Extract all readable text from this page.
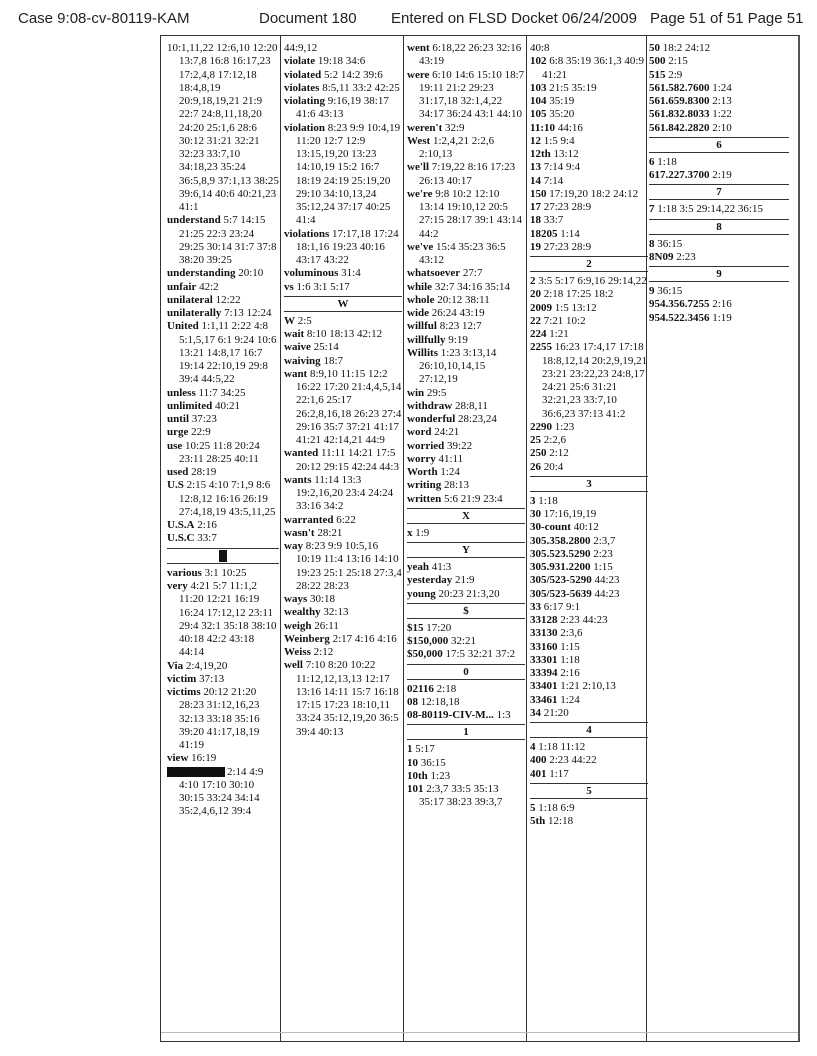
Case 9:08-cv-80119-KAM	Document 180 Entered on FLSD Docket 06/24/2009 Page 51 of 51 Page 51
10:1,11,22 12:6,10 12:20 13:7,8 16:8 16:17,23 17:2,4,8 17:12,18 18:4,8,19 20:9,18,19,21 21:9 22:7 24:8,11,18,20 24:20 25:1,6 28:6 30:12 31:21 32:21 32:23 33:7,10 34:18,23 35:24 36:5,8,9 37:1,13 38:25 39:6,14 40:6 40:21,23 41:1
understand 5:7 14:15 21:25 22:3 23:24 29:25 30:14 31:7 37:8 38:20 39:25
understanding 20:10
unfair 42:2
unilateral 12:22
unilaterally 7:13 12:24
United 1:1,11 2:22 4:8 5:1,5,17 6:1 9:24 10:6 13:21 14:8,17 16:7 19:14 22:10,19 29:8 39:4 44:5,22
unless 11:7 34:25
unlimited 40:21
until 37:23
urge 22:9
use 10:25 11:8 20:24 23:11 28:25 40:11
used 28:19
U.S 2:15 4:10 7:1,9 8:6 12:8,12 16:16 26:19 27:4,18,19 43:5,11,25
U.S.A 2:16
U.S.C 33:7
various 3:1 10:25
very 4:21 5:7 11:1,2 11:20 12:21 16:19 16:24 17:12,12 23:11 29:4 32:1 35:18 38:10 40:18 42:2 43:18 44:14
Via 2:4,19,20
victim 37:13
victims 20:12 21:20 28:23 31:12,16,23 32:13 33:18 35:16 39:20 41:17,18,19 41:19
view 16:19
2:14 4:9 4:10 17:10 30:10 30:15 33:24 34:14 35:2,4,6,12 39:4
44:9,12
violate 19:18 34:6
violated 5:2 14:2 39:6
violates 8:5,11 33:2 42:25
violating 9:16,19 38:17 41:6 43:13
violation 8:23 9:9 10:4,19 11:20 12:7 12:9 13:15,19,20 13:23 14:10,19 15:2 16:7 18:19 24:19 25:19,20 29:10 34:10,13,24 35:12,24 37:17 40:25 41:4
violations 17:17,18 17:24 18:1,16 19:23 40:16 43:17 43:22
voluminous 31:4
vs 1:6 3:1 5:17
W
W 2:5
wait 8:10 18:13 42:12
waive 25:14
waiving 18:7
want 8:9,10 11:15 12:2 16:22 17:20 21:4,4,5,14 22:1,6 25:17 26:2,8,16,18 26:23 27:4 29:16 35:7 37:21 41:17 41:21 42:14,21 44:9
wanted 11:11 14:21 17:5 20:12 29:15 42:24 44:3
wants 11:14 13:3 19:2,16,20 23:4 24:24 33:16 34:2
warranted 6:22
wasn't 28:21
way 8:23 9:9 10:5,16 10:19 11:4 13:16 14:10 19:23 25:1 25:18 27:3,4 28:22 28:23
ways 30:18
wealthy 32:13
weigh 26:11
Weinberg 2:17 4:16 4:16
Weiss 2:12
well 7:10 8:20 10:22 11:12,12,13,13 12:17 13:16 14:11 15:7 16:18 17:15 17:23 18:10,11 33:24 35:12,19,20 36:5 39:4 40:13
went 6:18,22 26:23 32:16 43:19
were 6:10 14:6 15:10 18:7 19:11 21:2 29:23 31:17,18 32:1,4,22 34:17 36:24 43:1 44:10
weren't 32:9
West 1:2,4,21 2:2,6 2:10,13
we'll 7:19,22 8:16 17:23 26:13 40:17
we're 9:8 10:2 12:10 13:14 19:10,12 20:5 27:15 28:17 39:1 43:14 44:2
we've 15:4 35:23 36:5 43:12
whatsoever 27:7
while 32:7 34:16 35:14
whole 20:12 38:11
wide 26:24 43:19
willful 8:23 12:7
willfully 9:19
Willits 1:23 3:13,14 26:10,10,14,15 27:12,19
win 29:5
withdraw 28:8,11
wonderful 28:23,24
word 24:21
worried 39:22
worry 41:11
Worth 1:24
writing 28:13
written 5:6 21:9 23:4
X
x 1:9
Y
yeah 41:3
yesterday 21:9
young 20:23 21:3,20
$
$15 17:20
$150,000 32:21
$50,000 17:5 32:21 37:2
0
02116 2:18
08 12:18,18
08-80119-CIV-M... 1:3
1
1 5:17
10 36:15
10th 1:23
101 2:3,7 33:5 35:13 35:17 38:23 39:3,7
40:8
102 6:8 35:19 36:1,3 40:9 41:21
103 21:5 35:19
104 35:19
105 35:20
11:10 44:16
12 1:5 9:4
12th 13:12
13 7:14 9:4
14 7:14
150 17:19,20 18:2 24:12
17 27:23 28:9
18 33:7
18205 1:14
19 27:23 28:9
2
2 3:5 5:17 6:9,16 29:14,22
20 2:18 17:25 18:2
2009 1:5 13:12
22 7:21 10:2
224 1:21
2255 16:23 17:4,17 17:18 18:8,12,14 20:2,9,19,21 23:21 23:22,23 24:8,17 24:21 25:6 31:21 32:21,23 33:7,10 36:6,23 37:13 41:2
2290 1:23
25 2:2,6
250 2:12
26 20:4
3
3 1:18
30 17:16,19,19
30-count 40:12
305.358.2800 2:3,7
305.523.5290 2:23
305.931.2200 1:15
305/523-5290 44:23
305/523-5639 44:23
33 6:17 9:1
33128 2:23 44:23
33130 2:3,6
33160 1:15
33301 1:18
33394 2:16
33401 1:21 2:10,13
33461 1:24
34 21:20
4
4 1:18 11:12
400 2:23 44:22
401 1:17
5
5 1:18 6:9
5th 12:18
50 18:2 24:12
500 2:15
515 2:9
561.582.7600 1:24
561.659.8300 2:13
561.832.8033 1:22
561.842.2820 2:10
6
6 1:18
617.227.3700 2:19
7
7 1:18 3:5 29:14,22 36:15
8
8 36:15
8N09 2:23
9
9 36:15
954.356.7255 2:16
954.522.3456 1:19
